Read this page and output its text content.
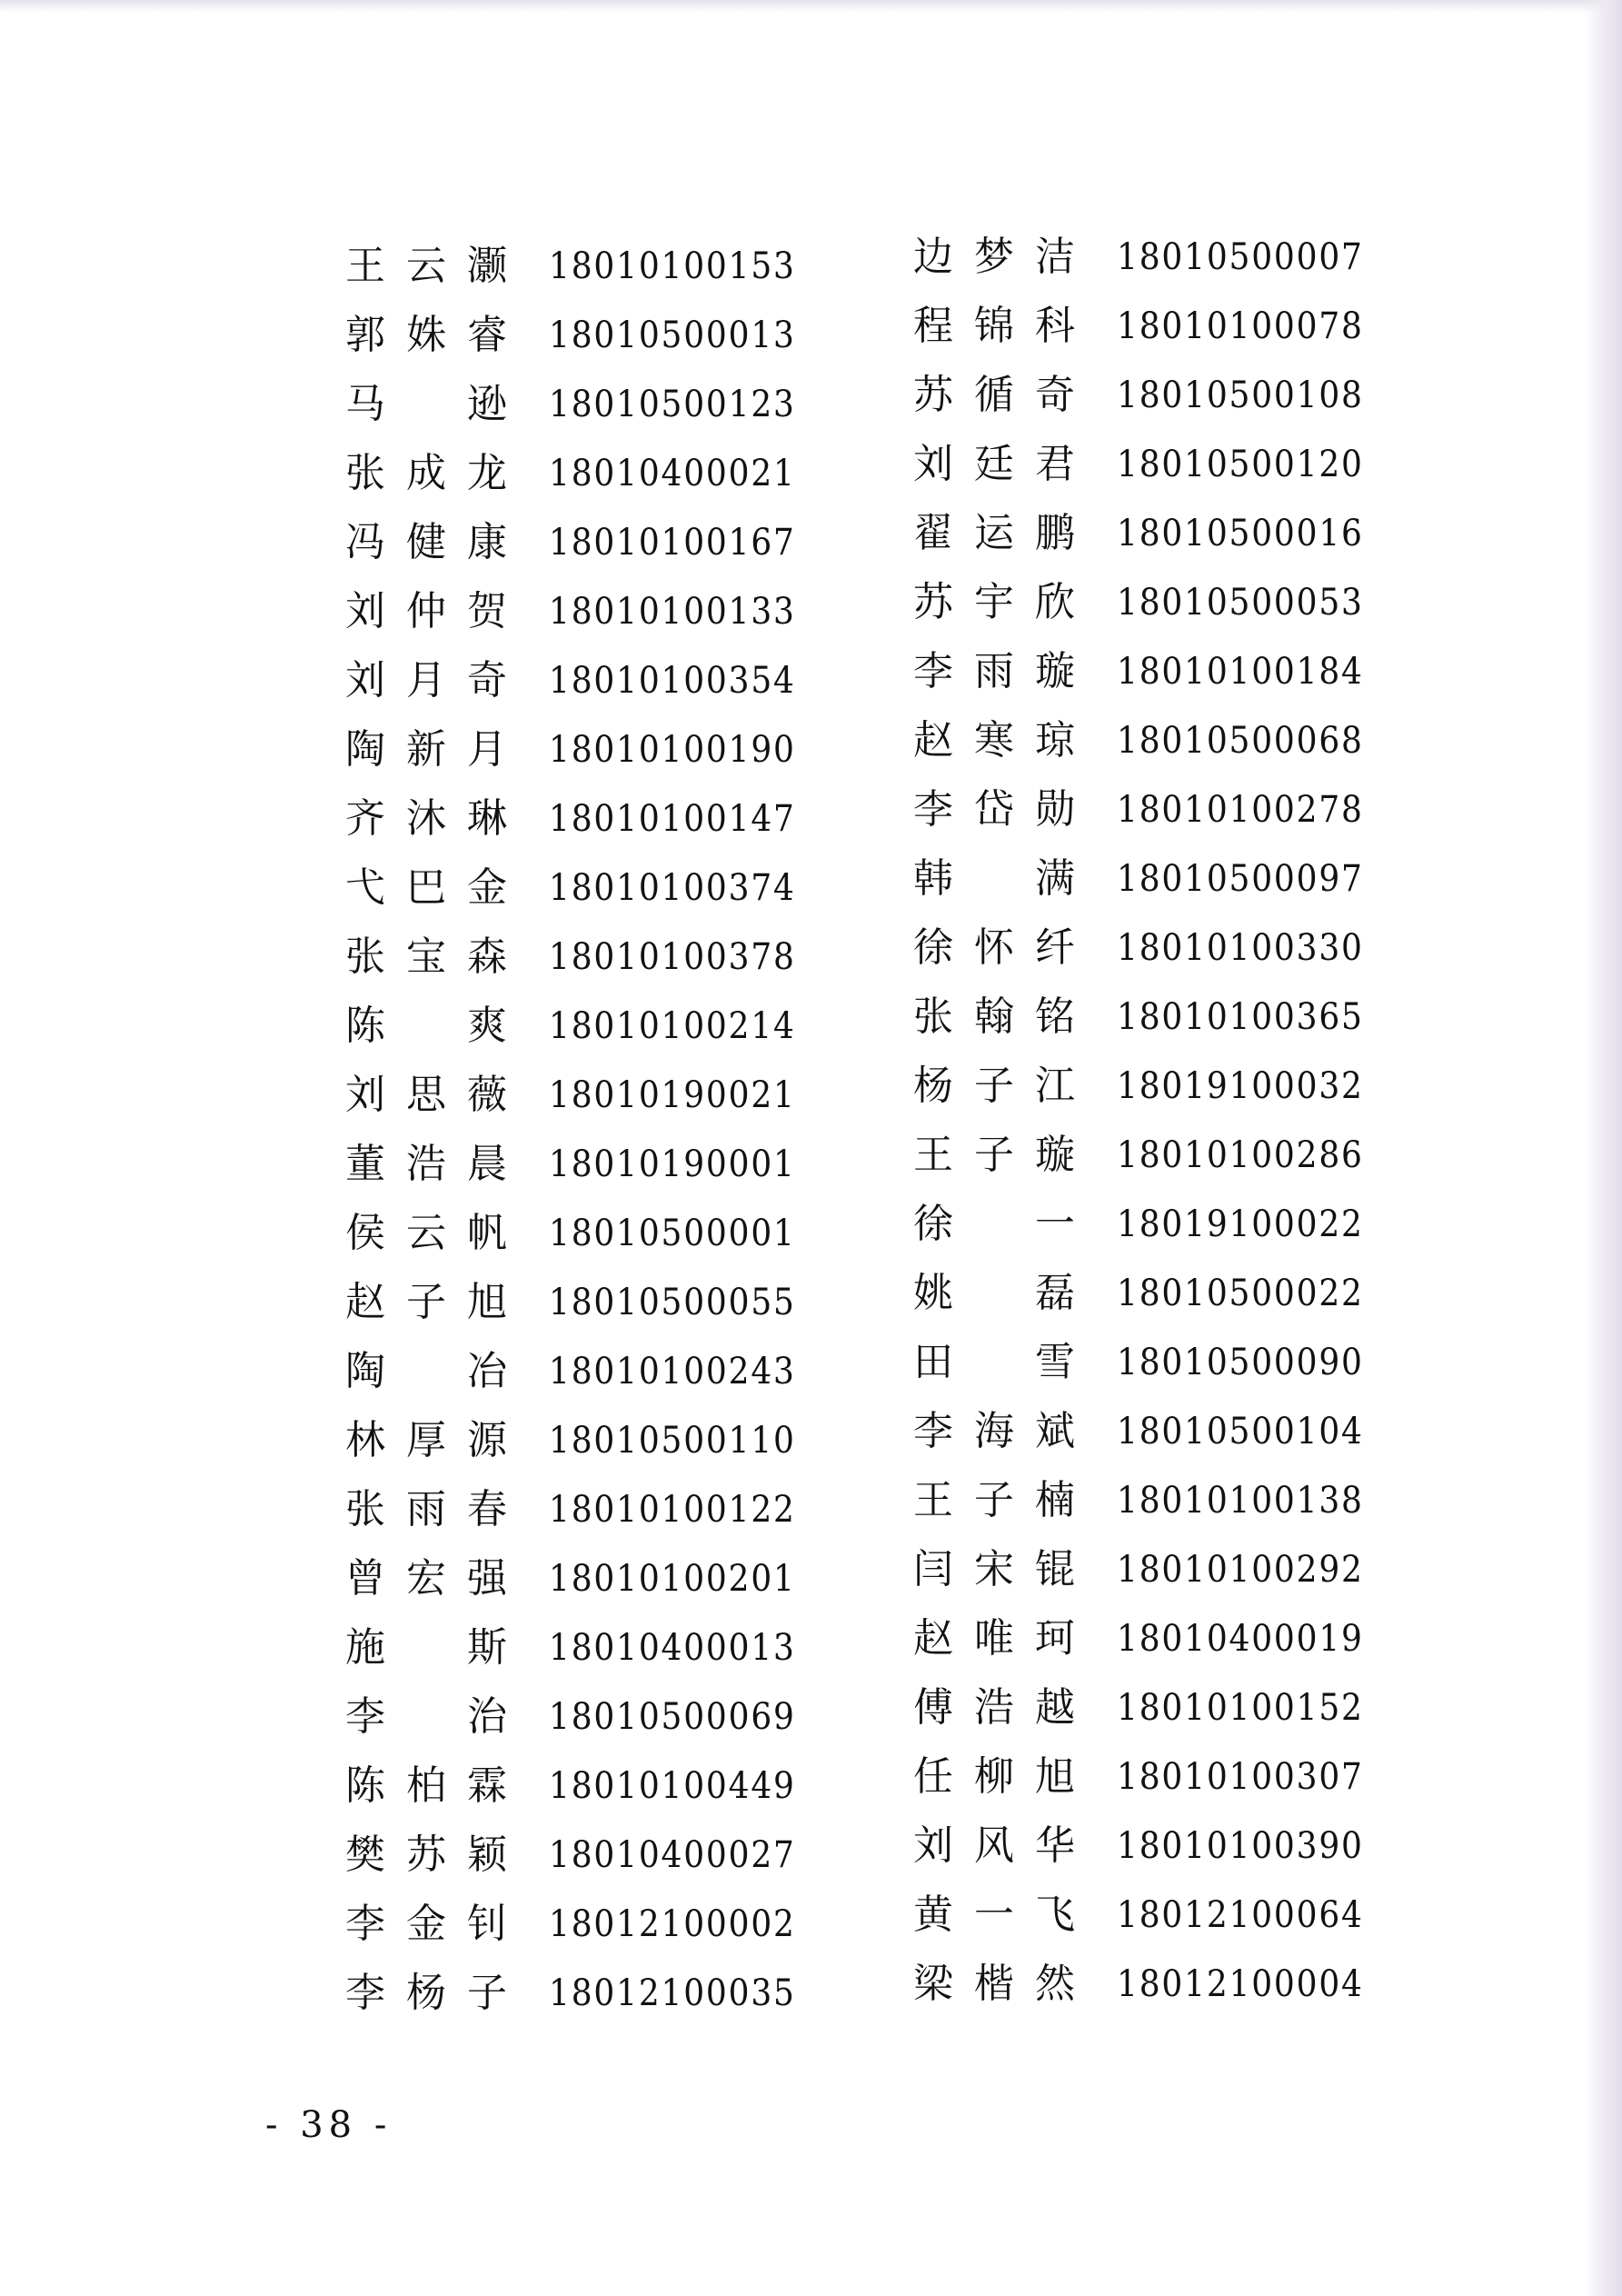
王 云 灏 18010100153
郭 姝 睿 18010500013
马 逊 18010500123
张 成 龙 18010400021
冯 健 康 18010100167
刘 仲 贺 18010100133
刘 月 奇 18010100354
陶 新 月 18010100190
齐 沐 琳 18010100147
弋 巴 金 18010100374
张 宝 森 18010100378
陈 爽 18010100214
刘 思 薇 18010190021
董 浩 晨 18010190001
侯 云 帆 18010500001
赵 子 旭 18010500055
陶 冶 18010100243
林 厚 源 18010500110
张 雨 春 18010100122
曾 宏 强 18010100201
施 斯 18010400013
李 治 18010500069
陈 柏 霖 18010100449
樊 苏 颖 18010400027
李 金 钊 18012100002
李 杨 子 18012100035
边 梦 洁 18010500007
程 锦 科 18010100078
苏 循 奇 18010500108
刘 廷 君 18010500120
翟 运 鹏 18010500016
苏 宇 欣 18010500053
李 雨 璇 18010100184
赵 寒 琼 18010500068
李 岱 勋 18010100278
韩 满 18010500097
徐 怀 纤 18010100330
张 翰 铭 18010100365
杨 子 江 18019100032
王 子 璇 18010100286
徐 一 18019100022
姚 磊 18010500022
田 雪 18010500090
李 海 斌 18010500104
王 子 楠 18010100138
闫 宋 锟 18010100292
赵 唯 珂 18010400019
傅 浩 越 18010100152
任 柳 旭 18010100307
刘 风 华 18010100390
黄 一 飞 18012100064
梁 楷 然 18012100004
- 38 -
